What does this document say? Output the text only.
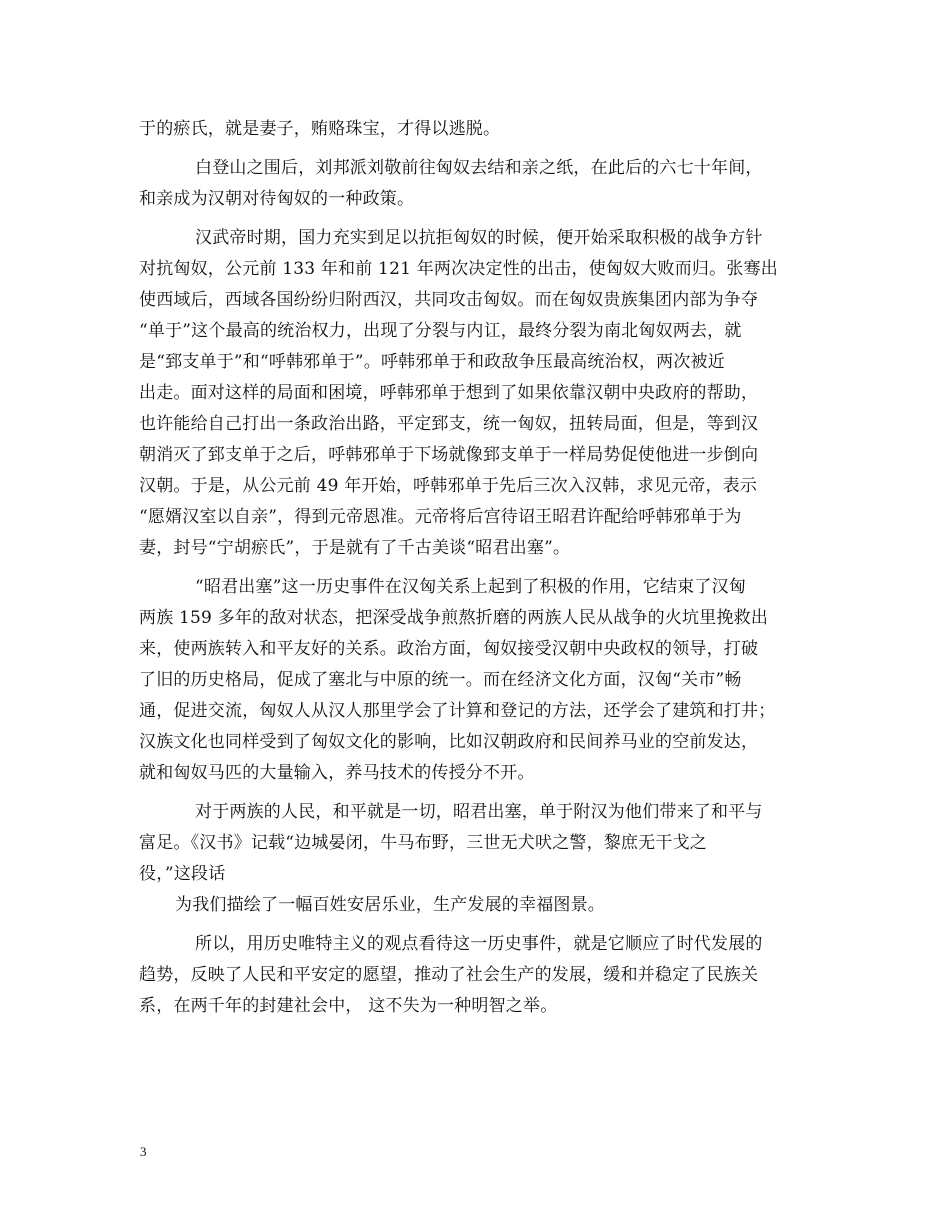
于的瘀氏，就是妻子，贿赂珠宝，才得以逃脱。
白登山之围后，刘邦派刘敬前往匈奴去结和亲之纸，在此后的六七十年间，
和亲成为汉朝对待匈奴的一种政策。
汉武帝时期，国力充实到足以抗拒匈奴的时候，便开始采取积极的战争方针
对抗匈奴，公元前 133 年和前 121 年两次决定性的出击，使匈奴大败而归。张骞出
使西域后，西域各国纷纷归附西汉，共同攻击匈奴。而在匈奴贵族集团内部为争夺
“单于”这个最高的统治权力，出现了分裂与内讧，最终分裂为南北匈奴两去，就
是“郅支单于”和“呼韩邪单于”。呼韩邪单于和政敌争压最高统治权，两次被近
出走。面对这样的局面和困境，呼韩邪单于想到了如果依靠汉朝中央政府的帮助，
也许能给自己打出一条政治出路，平定郅支，统一匈奴，扭转局面，但是，等到汉
朝消灭了郅支单于之后，呼韩邪单于下场就像郅支单于一样局势促使他进一步倒向
汉朝。于是，从公元前 49 年开始，呼韩邪单于先后三次入汉韩，求见元帝，表示
“愿婿汉室以自亲”，得到元帝恩准。元帝将后宫待诏王昭君许配给呼韩邪单于为
妻，封号“宁胡瘀氏”，于是就有了千古美谈“昭君出塞”。
“昭君出塞”这一历史事件在汉匈关系上起到了积极的作用，它结束了汉匈
两族 159 多年的敌对状态，把深受战争煎熬折磨的两族人民从战争的火坑里挽救出
来，使两族转入和平友好的关系。政治方面，匈奴接受汉朝中央政权的领导，打破
了旧的历史格局，促成了塞北与中原的统一。而在经济文化方面，汉匈“关市”畅
通，促进交流，匈奴人从汉人那里学会了计算和登记的方法，还学会了建筑和打井；
汉族文化也同样受到了匈奴文化的影响，比如汉朝政府和民间养马业的空前发达，
就和匈奴马匹的大量输入，养马技术的传授分不开。
对于两族的人民，和平就是一切，昭君出塞，单于附汉为他们带来了和平与
富足。《汉书》记载“边城晏闭，牛马布野，三世无犬吠之警，黎庶无干戈之
役，”这段话
为我们描绘了一幅百姓安居乐业，生产发展的幸福图景。
所以，用历史唯特主义的观点看待这一历史事件，就是它顺应了时代发展的
趋势，反映了人民和平安定的愿望，推动了社会生产的发展，缓和并稳定了民族关
系，在两千年的封建社会中， 这不失为一种明智之举。
3
